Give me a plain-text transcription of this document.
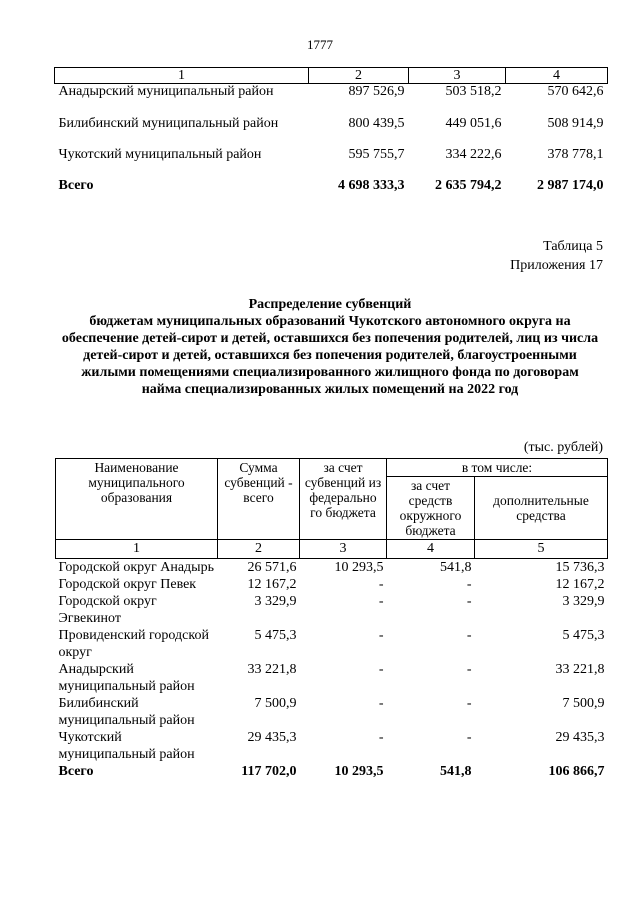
1777
1	2	3	4
Анадырский муниципальный район	897 526,9	503 518,2	570 642,6

Билибинский муниципальный район	800 439,5	449 051,6	508 914,9

Чукотский муниципальный район	595 755,7	334 222,6	378 778,1

Всего	4 698 333,3	2 635 794,2	2 987 174,0
Таблица 5
Приложения 17
Распределение субвенций
бюджетам муниципальных образований Чукотского автономного округа на обеспечение детей-сирот и детей, оставшихся без попечения родителей, лиц из числа детей-сирот и детей, оставшихся без попечения родителей, благоустроенными жилыми помещениями специализированного жилищного фонда по договорам найма специализированных жилых помещений на 2022 год
(тыс. рублей)
Наименование муниципального образования	Сумма субвенций - всего	за счет субвенций из федерально го бюджета	в том числе:	
			за счет средств окружного бюджета	дополнительные средства
1	2	3	4	5
Городской округ Анадырь	26 571,6	10 293,5	541,8	15 736,3
Городской округ Певек	12 167,2	-	-	12 167,2
Городской округ Эгвекинот	3 329,9	-	-	3 329,9
Провиденский городской округ	5 475,3	-	-	5 475,3
Анадырский муниципальный район	33 221,8	-	-	33 221,8
Билибинский муниципальный район	7 500,9	-	-	7 500,9
Чукотский муниципальный район	29 435,3	-	-	29 435,3
Всего	117 702,0	10 293,5	541,8	106 866,7
